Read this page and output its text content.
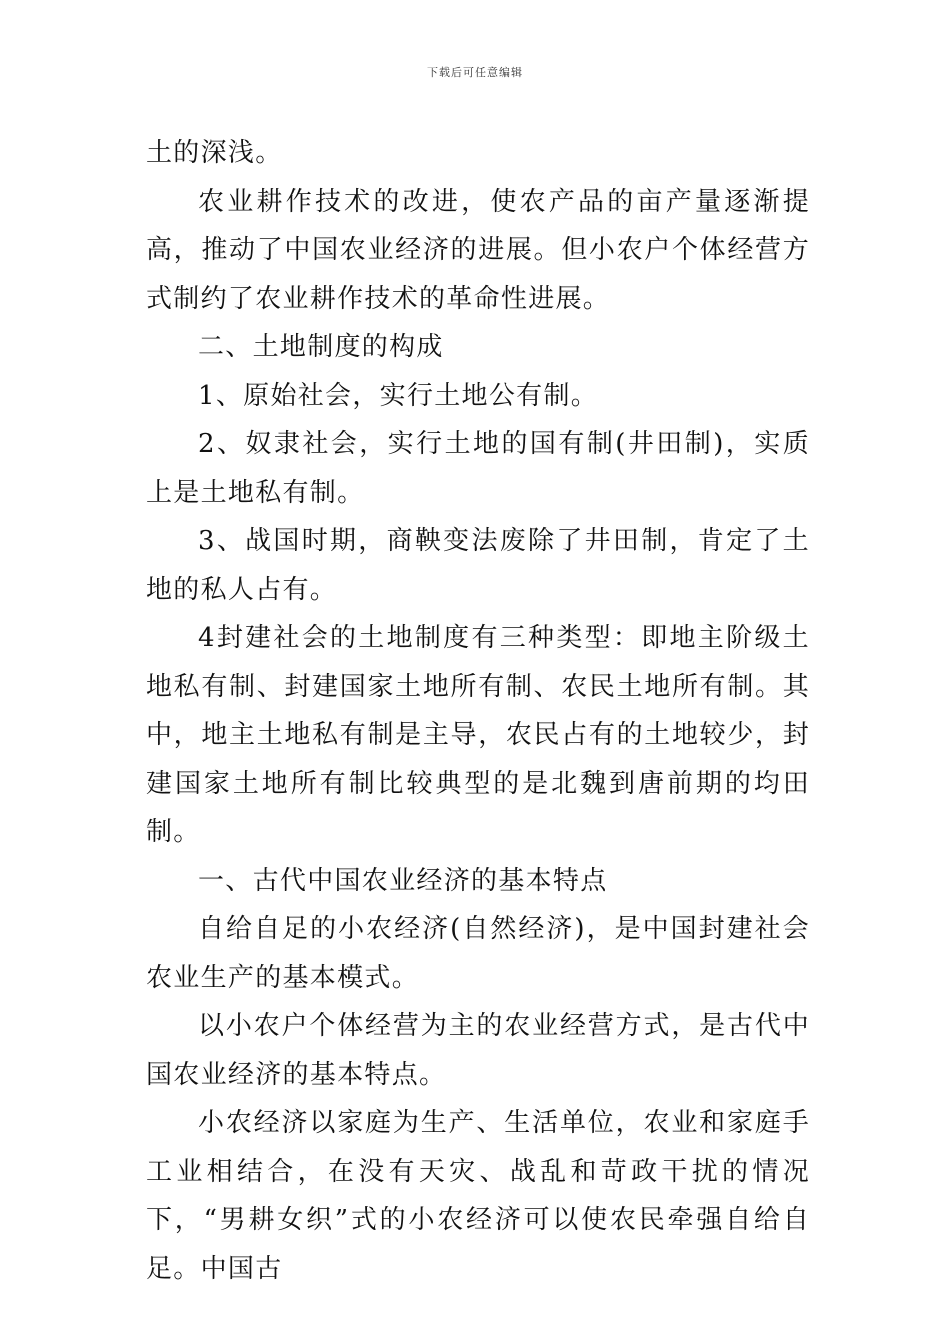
下载后可任意编辑

土的深浅。

农业耕作技术的改进，使农产品的亩产量逐渐提高，推动了中国农业经济的进展。但小农户个体经营方式制约了农业耕作技术的革命性进展。

二、土地制度的构成

1、原始社会，实行土地公有制。

2、奴隶社会，实行土地的国有制(井田制)，实质上是土地私有制。

3、战国时期，商鞅变法废除了井田制，肯定了土地的私人占有。

4封建社会的土地制度有三种类型：即地主阶级土地私有制、封建国家土地所有制、农民土地所有制。其中，地主土地私有制是主导，农民占有的土地较少，封建国家土地所有制比较典型的是北魏到唐前期的均田制。

一、古代中国农业经济的基本特点

自给自足的小农经济(自然经济)，是中国封建社会农业生产的基本模式。

以小农户个体经营为主的农业经营方式，是古代中国农业经济的基本特点。

小农经济以家庭为生产、生活单位，农业和家庭手工业相结合，在没有天灾、战乱和苛政干扰的情况下，“男耕女织”式的小农经济可以使农民牵强自给自足。中国古
